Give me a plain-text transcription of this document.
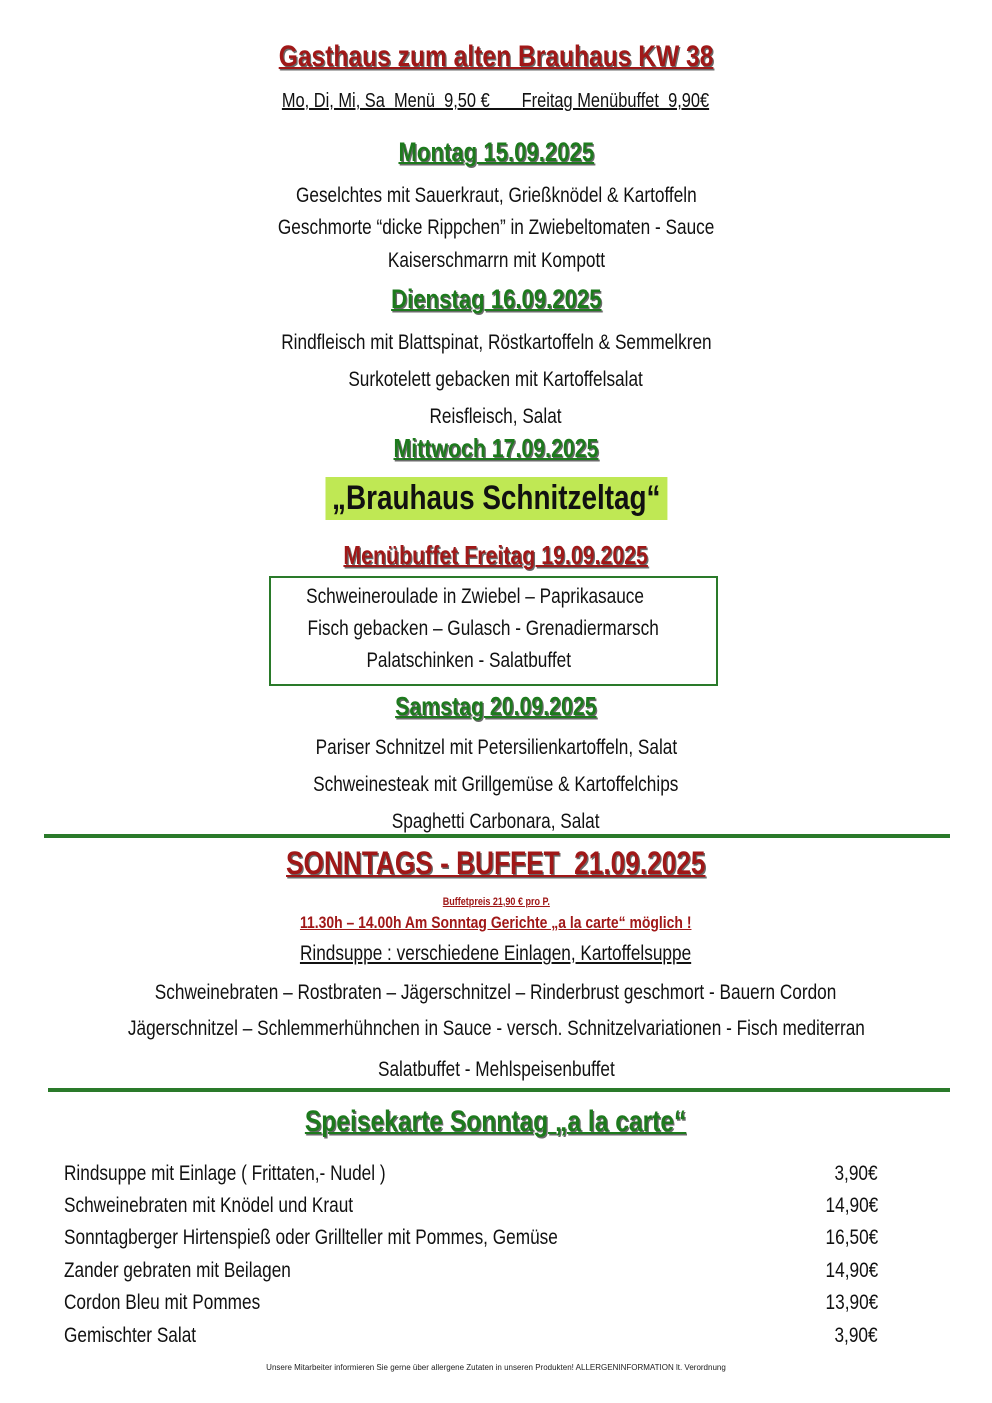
Gasthaus zum alten Brauhaus KW 38
Mo, Di, Mi, Sa  Menü  9,50 €       Freitag Menübuffet  9,90€
Montag 15.09.2025
Geselchtes mit Sauerkraut, Grießknödel & Kartoffeln
Geschmorte “dicke Rippchen” in Zwiebeltomaten - Sauce
Kaiserschmarrn mit Kompott
Dienstag 16.09.2025
Rindfleisch mit Blattspinat, Röstkartoffeln & Semmelkren
Surkotelett gebacken mit Kartoffelsalat
Reisfleisch, Salat
Mittwoch 17.09.2025
„Brauhaus Schnitzeltag“
Menübuffet Freitag 19.09.2025
Schweineroulade in Zwiebel – Paprikasauce
Fisch gebacken – Gulasch - Grenadiermarsch
Palatschinken - Salatbuffet
Samstag 20.09.2025
Pariser Schnitzel mit Petersilienkartoffeln, Salat
Schweinesteak mit Grillgemüse & Kartoffelchips
Spaghetti Carbonara, Salat
SONNTAGS - BUFFET  21.09.2025
Buffetpreis 21,90 € pro P.
11.30h – 14.00h Am Sonntag Gerichte „a la carte“ möglich !
Rindsuppe : verschiedene Einlagen, Kartoffelsuppe
Schweinebraten – Rostbraten – Jägerschnitzel – Rinderbrust geschmort - Bauern Cordon
Jägerschnitzel – Schlemmerhühnchen in Sauce - versch. Schnitzelvariationen - Fisch mediterran
Salatbuffet - Mehlspeisenbuffet
Speisekarte Sonntag „a la carte“
Rindsuppe mit Einlage ( Frittaten,- Nudel )	3,90€
Schweinebraten mit Knödel und Kraut	14,90€
Sonntagberger Hirtenspieß oder Grillteller mit Pommes, Gemüse	16,50€
Zander gebraten mit Beilagen	14,90€
Cordon Bleu mit Pommes	13,90€
Gemischter Salat	3,90€
Unsere Mitarbeiter informieren Sie gerne über allergene Zutaten in unseren Produkten! ALLERGENINFORMATION lt. Verordnung
